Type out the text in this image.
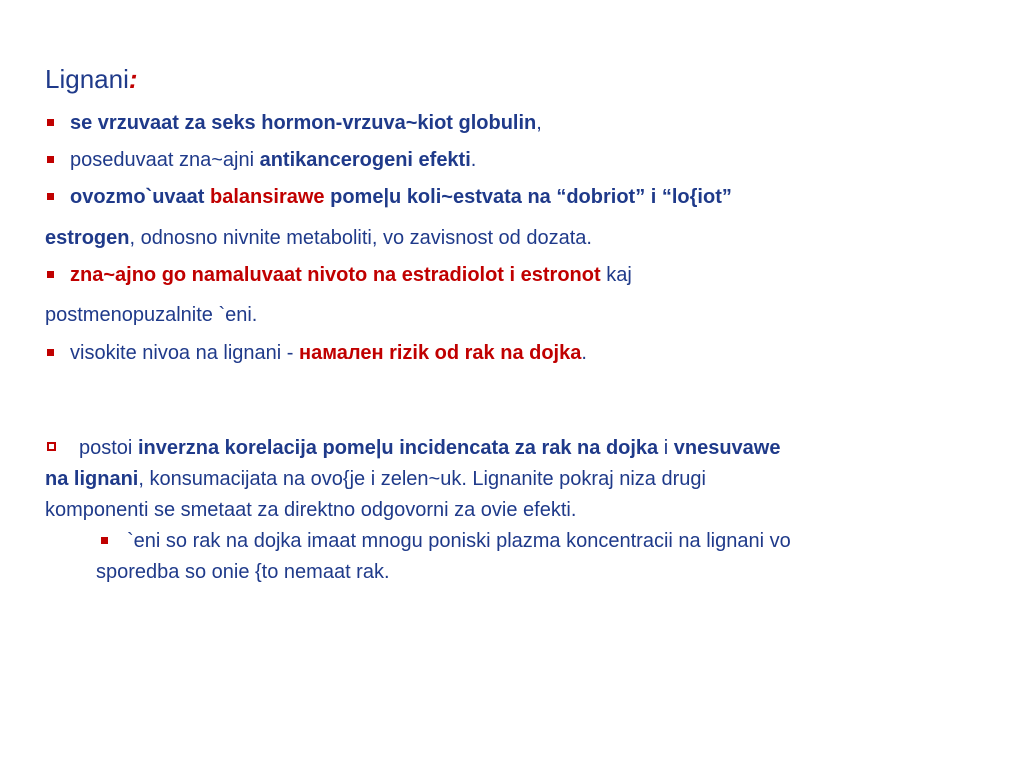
Lignani:
se vrzuvaat za seks hormon-vrzuva~kiot globulin,
poseduvaat zna~ajni antikancerogeni efekti.
ovozmo`uvaat balansirawe pome|u koli~estvata na “dobriot” i “lo{iot”
estrogen, odnosno nivnite metaboliti, vo zavisnost od dozata.
zna~ajno go namaluvaat nivoto na estradiolot i estronot kaj
postmenopuzalnite `eni.
visokite nivoa na lignani - намален rizik od rak na dojka.
postoi inverzna korelacija pome|u incidencata za rak na dojka i vnesuvawe
na lignani, konsumacijata na ovo{je i zelen~uk. Lignanite pokraj niza drugi
komponenti se smetaat za direktno odgovorni za ovie efekti.
`eni so rak na dojka imaat mnogu poniski plazma koncentracii na lignani vo
sporedba so onie {to nemaat rak.
